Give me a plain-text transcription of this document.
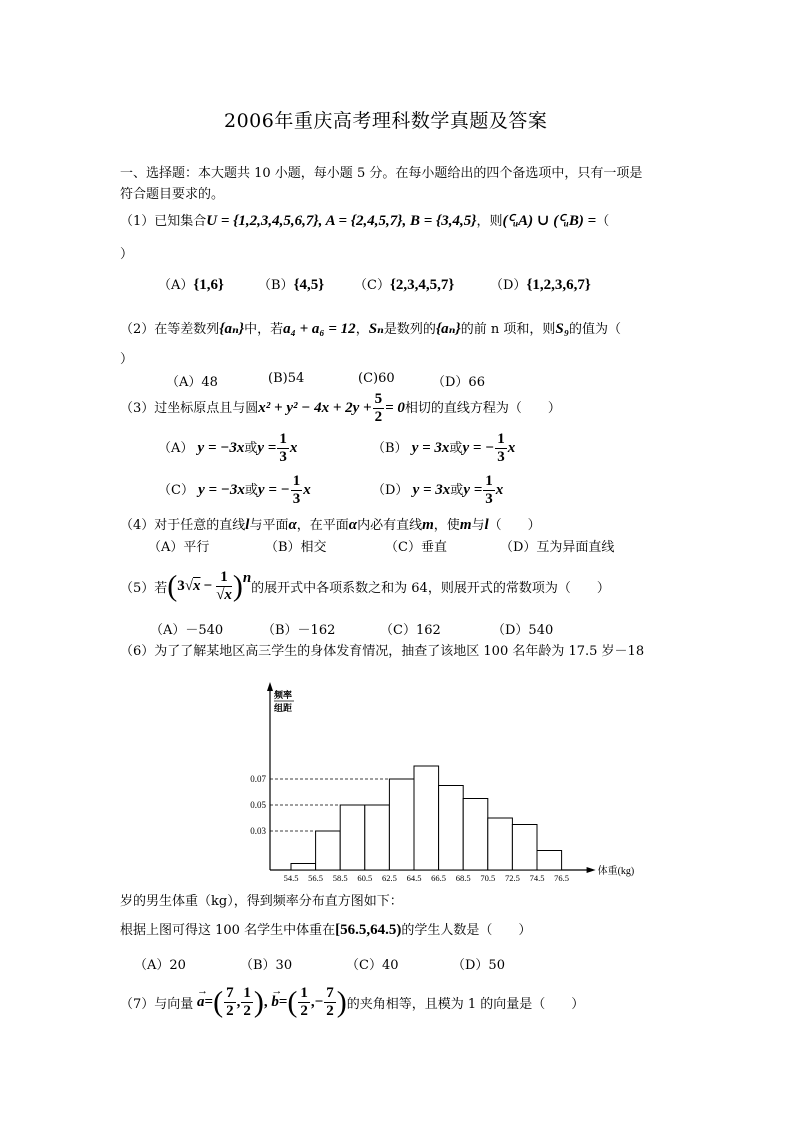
2006年重庆高考理科数学真题及答案
一、选择题：本大题共 10 小题，每小题 5 分。在每小题给出的四个备选项中，只有一项是
符合题目要求的。
（1）已知集合U = {1,2,3,4,5,6,7}, A = {2,4,5,7}, B = {3,4,5}，则(ꟲᵤA) ∪ (ꟲᵤB) =（
）
（A）{1,6}	（B）{4,5} （C）{2,3,4,5,7}	（D）{1,2,3,6,7}
（2）在等差数列{aₙ}中，若a₄ + a₆ = 12，Sₙ是数列的{aₙ}的前 n 项和，则S₉的值为（
）
（A）48	(B)54	(C)60	（D）66
（3）过坐标原点且与圆$x^2 + y^2 - 4x + 2y + \frac{5}{2} = 0$相切的直线方程为（　　）
（A） y = −3x或$y = \frac{1}{3}$ x	（B） y = 3x或y = − $\frac{1}{3}$ x
（C） y = −3x或y = − $\frac{1}{3}$ x	（D） y = 3x或$y = \frac{1}{3}$ x
（4）对于任意的直线l与平面α，在平面α内必有直线m，使m与l（　　）
（A）平行	（B）相交	（C）垂直	（D）互为异面直线
（5）若$(3√x - \frac{1}{√x} )^n$的展开式中各项系数之和为 64，则展开式的常数项为（　　）
（A）－540	（B）－162	（C）162	（D）540
（6）为了了解某地区高三学生的身体发育情况，抽查了该地区 100 名年龄为 17.5 岁－18
频率
组距
0.03
0.05
0.07
54.5 56.5 58.5 60.5 62.5 64.5 66.5 68.5 70.5 72.5 74.5 76.5
体重(kg)
岁的男生体重（kg），得到频率分布直方图如下：
根据上图可得这 100 名学生中体重在[56.5,64.5)的学生人数是（　　）
（A）20	（B）30	（C）40	（D）50
（7）与向量 a
→
=( $\frac{7}{2}$ , $\frac{1}{2}$ ), b
→
=( $\frac{1}{2}$ ,− $\frac{7}{2}$ )的夹角相等，且模为 1 的向量是（　　）
